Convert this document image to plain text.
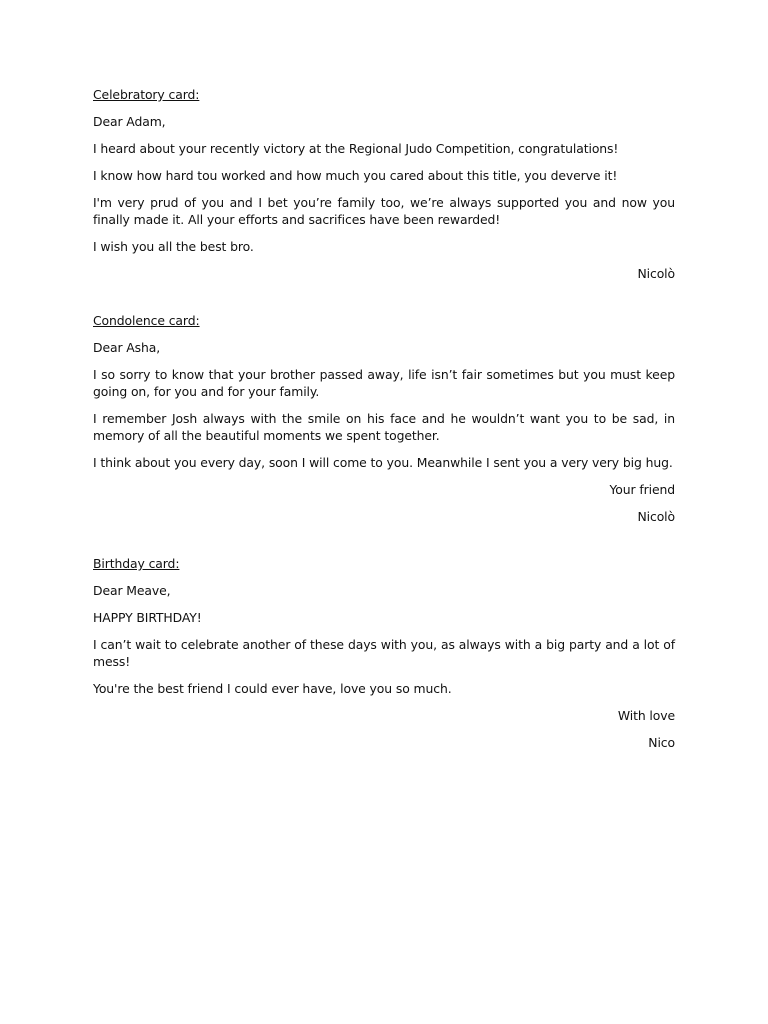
Celebratory card:

Dear Adam,

I heard about your recently victory at the Regional Judo Competition, congratulations!

I know how hard tou worked and how much you cared about this title, you deverve it!

I'm very prud of you and I bet you’re family too, we’re always supported you and now you finally made it. All your efforts and sacrifices have been rewarded!

I wish you all the best bro.

Nicolò

Condolence card:

Dear Asha,

I so sorry to know that your brother passed away, life isn’t fair sometimes but you must keep going on, for you and for your family.

I remember Josh always with the smile on his face and he wouldn’t want you to be sad, in memory of all the beautiful moments we spent together.

I think about you every day, soon I will come to you. Meanwhile I sent you a very very big hug.

Your friend

Nicolò

Birthday card:

Dear Meave,

HAPPY BIRTHDAY!

I can’t wait to celebrate another of these days with you, as always with a big party and a lot of mess!

You're the best friend I could ever have, love you so much.

With love

Nico
